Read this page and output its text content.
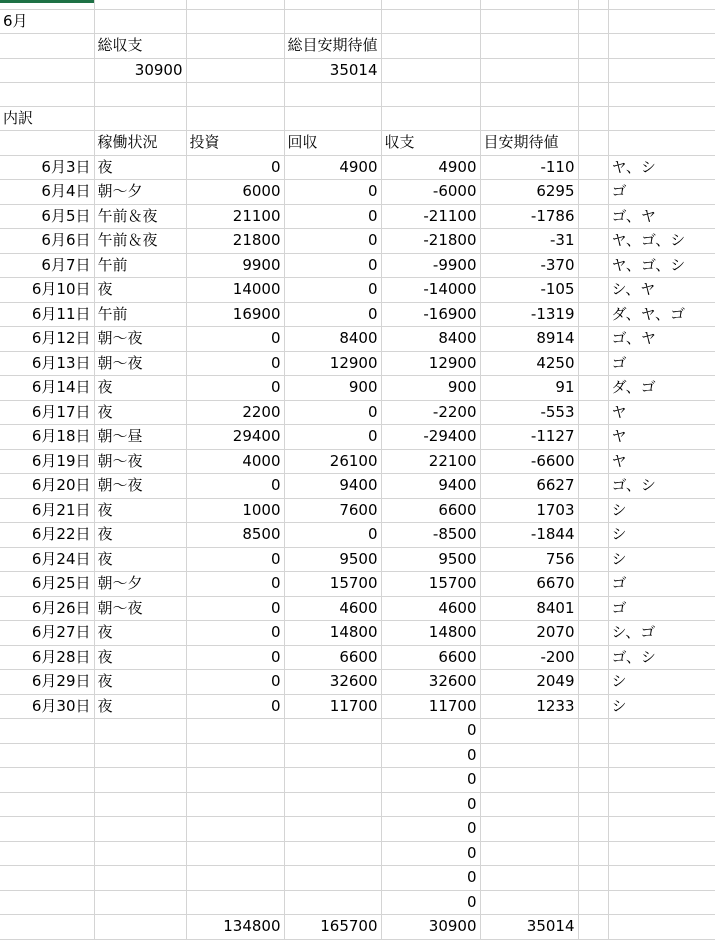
6月							
	総収支		総目安期待値				
	30900		35014				

内訳							
	稼働状況	投資	回収	収支	目安期待値		
6月3日	夜	0	4900	4900	-110		ヤ、シ
6月4日	朝～夕	6000	0	-6000	6295		ゴ
6月5日	午前＆夜	21100	0	-21100	-1786		ゴ、ヤ
6月6日	午前＆夜	21800	0	-21800	-31		ヤ、ゴ、シ
6月7日	午前	9900	0	-9900	-370		ヤ、ゴ、シ
6月10日	夜	14000	0	-14000	-105		シ、ヤ
6月11日	午前	16900	0	-16900	-1319		ダ、ヤ、ゴ
6月12日	朝～夜	0	8400	8400	8914		ゴ、ヤ
6月13日	朝～夜	0	12900	12900	4250		ゴ
6月14日	夜	0	900	900	91		ダ、ゴ
6月17日	夜	2200	0	-2200	-553		ヤ
6月18日	朝～昼	29400	0	-29400	-1127		ヤ
6月19日	朝～夜	4000	26100	22100	-6600		ヤ
6月20日	朝～夜	0	9400	9400	6627		ゴ、シ
6月21日	夜	1000	7600	6600	1703		シ
6月22日	夜	8500	0	-8500	-1844		シ
6月24日	夜	0	9500	9500	756		シ
6月25日	朝～夕	0	15700	15700	6670		ゴ
6月26日	朝～夜	0	4600	4600	8401		ゴ
6月27日	夜	0	14800	14800	2070		シ、ゴ
6月28日	夜	0	6600	6600	-200		ゴ、シ
6月29日	夜	0	32600	32600	2049		シ
6月30日	夜	0	11700	11700	1233		シ
				0			
				0			
				0			
				0			
				0			
				0			
				0			
				0			
		134800	165700	30900	35014		
